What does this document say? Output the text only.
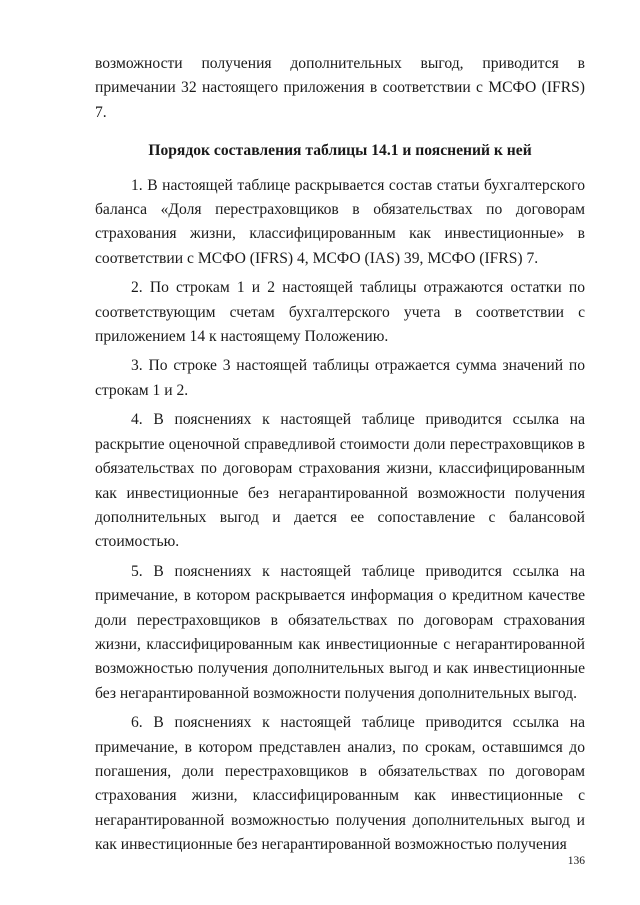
возможности получения дополнительных выгод, приводится в примечании 32 настоящего приложения в соответствии с МСФО (IFRS) 7.

Порядок составления таблицы 14.1 и пояснений к ней

1. В настоящей таблице раскрывается состав статьи бухгалтерского баланса «Доля перестраховщиков в обязательствах по договорам страхования жизни, классифицированным как инвестиционные» в соответствии с МСФО (IFRS) 4, МСФО (IAS) 39, МСФО (IFRS) 7.

2. По строкам 1 и 2 настоящей таблицы отражаются остатки по соответствующим счетам бухгалтерского учета в соответствии с приложением 14 к настоящему Положению.

3. По строке 3 настоящей таблицы отражается сумма значений по строкам 1 и 2.

4. В пояснениях к настоящей таблице приводится ссылка на раскрытие оценочной справедливой стоимости доли перестраховщиков в обязательствах по договорам страхования жизни, классифицированным как инвестиционные без негарантированной возможности получения дополнительных выгод и дается ее сопоставление с балансовой стоимостью.

5. В пояснениях к настоящей таблице приводится ссылка на примечание, в котором раскрывается информация о кредитном качестве доли перестраховщиков в обязательствах по договорам страхования жизни, классифицированным как инвестиционные с негарантированной возможностью получения дополнительных выгод и как инвестиционные без негарантированной возможности получения дополнительных выгод.

6. В пояснениях к настоящей таблице приводится ссылка на примечание, в котором представлен анализ, по срокам, оставшимся до погашения, доли перестраховщиков в обязательствах по договорам страхования жизни, классифицированным как инвестиционные с негарантированной возможностью получения дополнительных выгод и как инвестиционные без негарантированной возможностью получения

136
